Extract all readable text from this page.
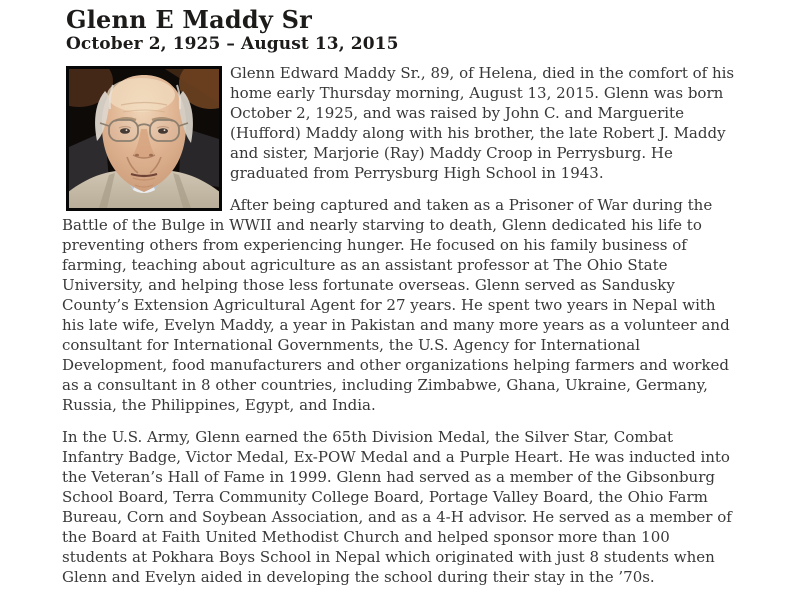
Glenn E Maddy Sr
October 2, 1925 – August 13, 2015

Glenn Edward Maddy Sr., 89, of Helena, died in the comfort of his home early Thursday morning, August 13, 2015. Glenn was born October 2, 1925, and was raised by John C. and Marguerite (Hufford) Maddy along with his brother, the late Robert J. Maddy and sister, Marjorie (Ray) Maddy Croop in Perrysburg. He graduated from Perrysburg High School in 1943.

After being captured and taken as a Prisoner of War during the Battle of the Bulge in WWII and nearly starving to death, Glenn dedicated his life to preventing others from experiencing hunger. He focused on his family business of farming, teaching about agriculture as an assistant professor at The Ohio State University, and helping those less fortunate overseas. Glenn served as Sandusky County’s Extension Agricultural Agent for 27 years. He spent two years in Nepal with his late wife, Evelyn Maddy, a year in Pakistan and many more years as a volunteer and consultant for International Governments, the U.S. Agency for International Development, food manufacturers and other organizations helping farmers and worked as a consultant in 8 other countries, including Zimbabwe, Ghana, Ukraine, Germany, Russia, the Philippines, Egypt, and India.

In the U.S. Army, Glenn earned the 65th Division Medal, the Silver Star, Combat Infantry Badge, Victor Medal, Ex-POW Medal and a Purple Heart. He was inducted into the Veteran’s Hall of Fame in 1999. Glenn had served as a member of the Gibsonburg School Board, Terra Community College Board, Portage Valley Board, the Ohio Farm Bureau, Corn and Soybean Association, and as a 4-H advisor. He served as a member of the Board at Faith United Methodist Church and helped sponsor more than 100 students at Pokhara Boys School in Nepal which originated with just 8 students when Glenn and Evelyn aided in developing the school during their stay in the ’70s.
